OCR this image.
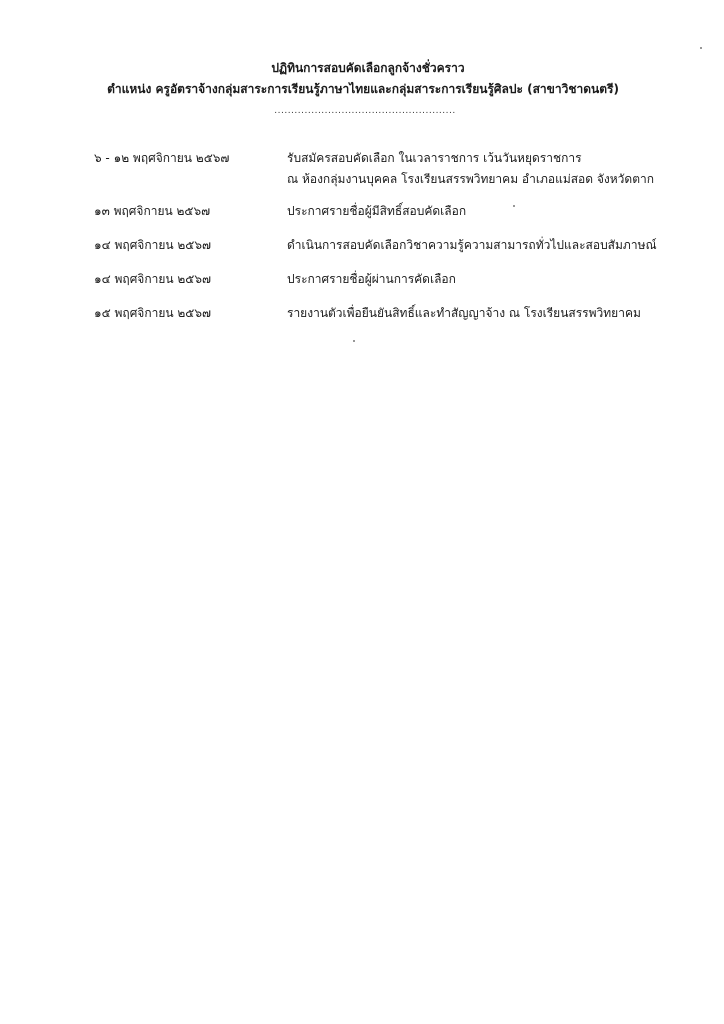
ปฏิทินการสอบคัดเลือกลูกจ้างชั่วคราว
ตำแหน่ง ครูอัตราจ้างกลุ่มสาระการเรียนรู้ภาษาไทยและกลุ่มสาระการเรียนรู้ศิลปะ (สาขาวิชาดนตรี)
......................................................
๖ - ๑๒ พฤศจิกายน ๒๕๖๗	รับสมัครสอบคัดเลือก ในเวลาราชการ เว้นวันหยุดราชการ
ณ ห้องกลุ่มงานบุคคล โรงเรียนสรรพวิทยาคม อำเภอแม่สอด จังหวัดตาก
๑๓ พฤศจิกายน ๒๕๖๗	ประกาศรายชื่อผู้มีสิทธิ์สอบคัดเลือก
๑๔ พฤศจิกายน ๒๕๖๗	ดำเนินการสอบคัดเลือกวิชาความรู้ความสามารถทั่วไปและสอบสัมภาษณ์
๑๔ พฤศจิกายน ๒๕๖๗	ประกาศรายชื่อผู้ผ่านการคัดเลือก
๑๕ พฤศจิกายน ๒๕๖๗	รายงานตัวเพื่อยืนยันสิทธิ์และทำสัญญาจ้าง ณ โรงเรียนสรรพวิทยาคม
